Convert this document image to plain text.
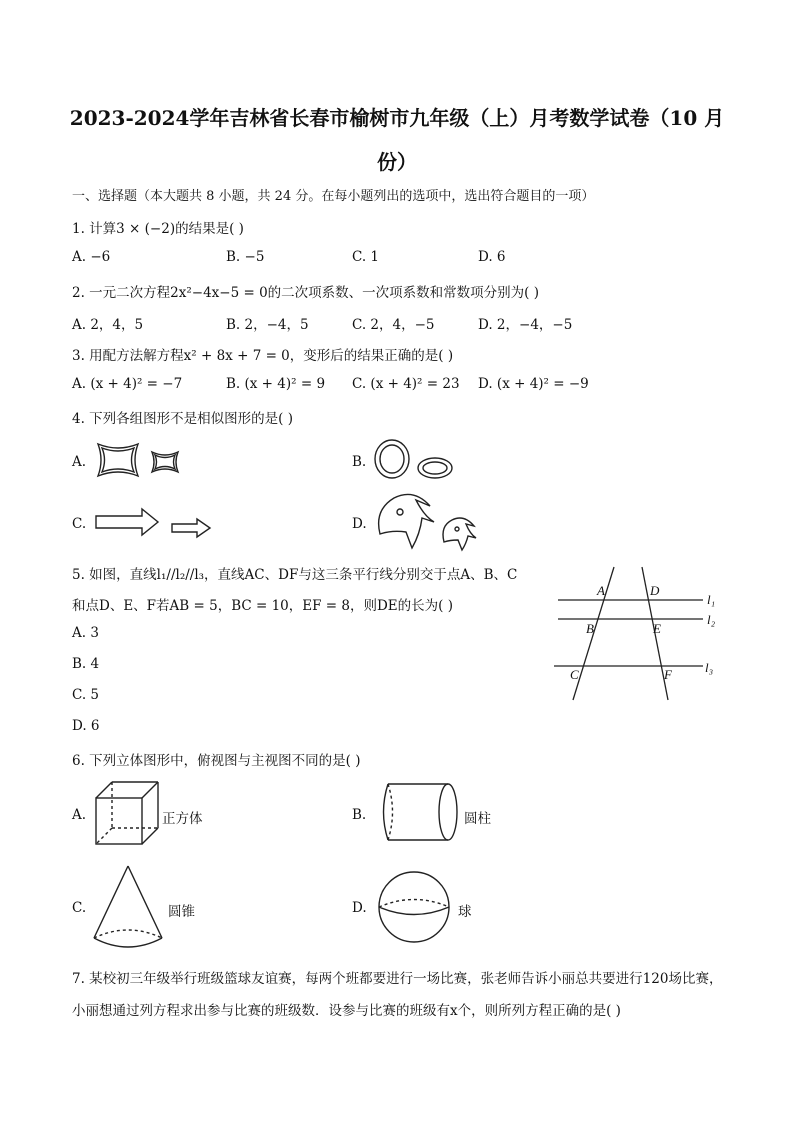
2023-2024学年吉林省长春市榆树市九年级（上）月考数学试卷（10 月
份）
一、选择题（本大题共 8 小题，共 24 分。在每小题列出的选项中，选出符合题目的一项）
1. 计算3 × (−2)的结果是( )
A. −6	B. −5	C. 1	D. 6
2. 一元二次方程2x²−4x−5 = 0的二次项系数、一次项系数和常数项分别为( )
A. 2，4，5	B. 2，−4，5	C. 2，4，−5	D. 2，−4，−5
3. 用配方法解方程x² + 8x + 7 = 0，变形后的结果正确的是( )
A. (x + 4)² = −7	B. (x + 4)² = 9 C. (x + 4)² = 23 D. (x + 4)² = −9
4. 下列各组图形不是相似图形的是( )
A.	B.
C.	D.
5. 如图，直线l₁//l₂//l₃，直线AC、DF与这三条平行线分别交于点A、B、C
和点D、E、F若AB = 5，BC = 10，EF = 8，则DE的长为( )
A. 3
B. 4
C. 5
D. 6
A	D
B	E
C	F
l₁
l₂
l₃
6. 下列立体图形中，俯视图与主视图不同的是( )
A.	B.
C.	D.
正方体	圆柱
圆锥	球
7. 某校初三年级举行班级篮球友谊赛，每两个班都要进行一场比赛，张老师告诉小丽总共要进行120场比赛，
小丽想通过列方程求出参与比赛的班级数．设参与比赛的班级有x个，则所列方程正确的是( )
